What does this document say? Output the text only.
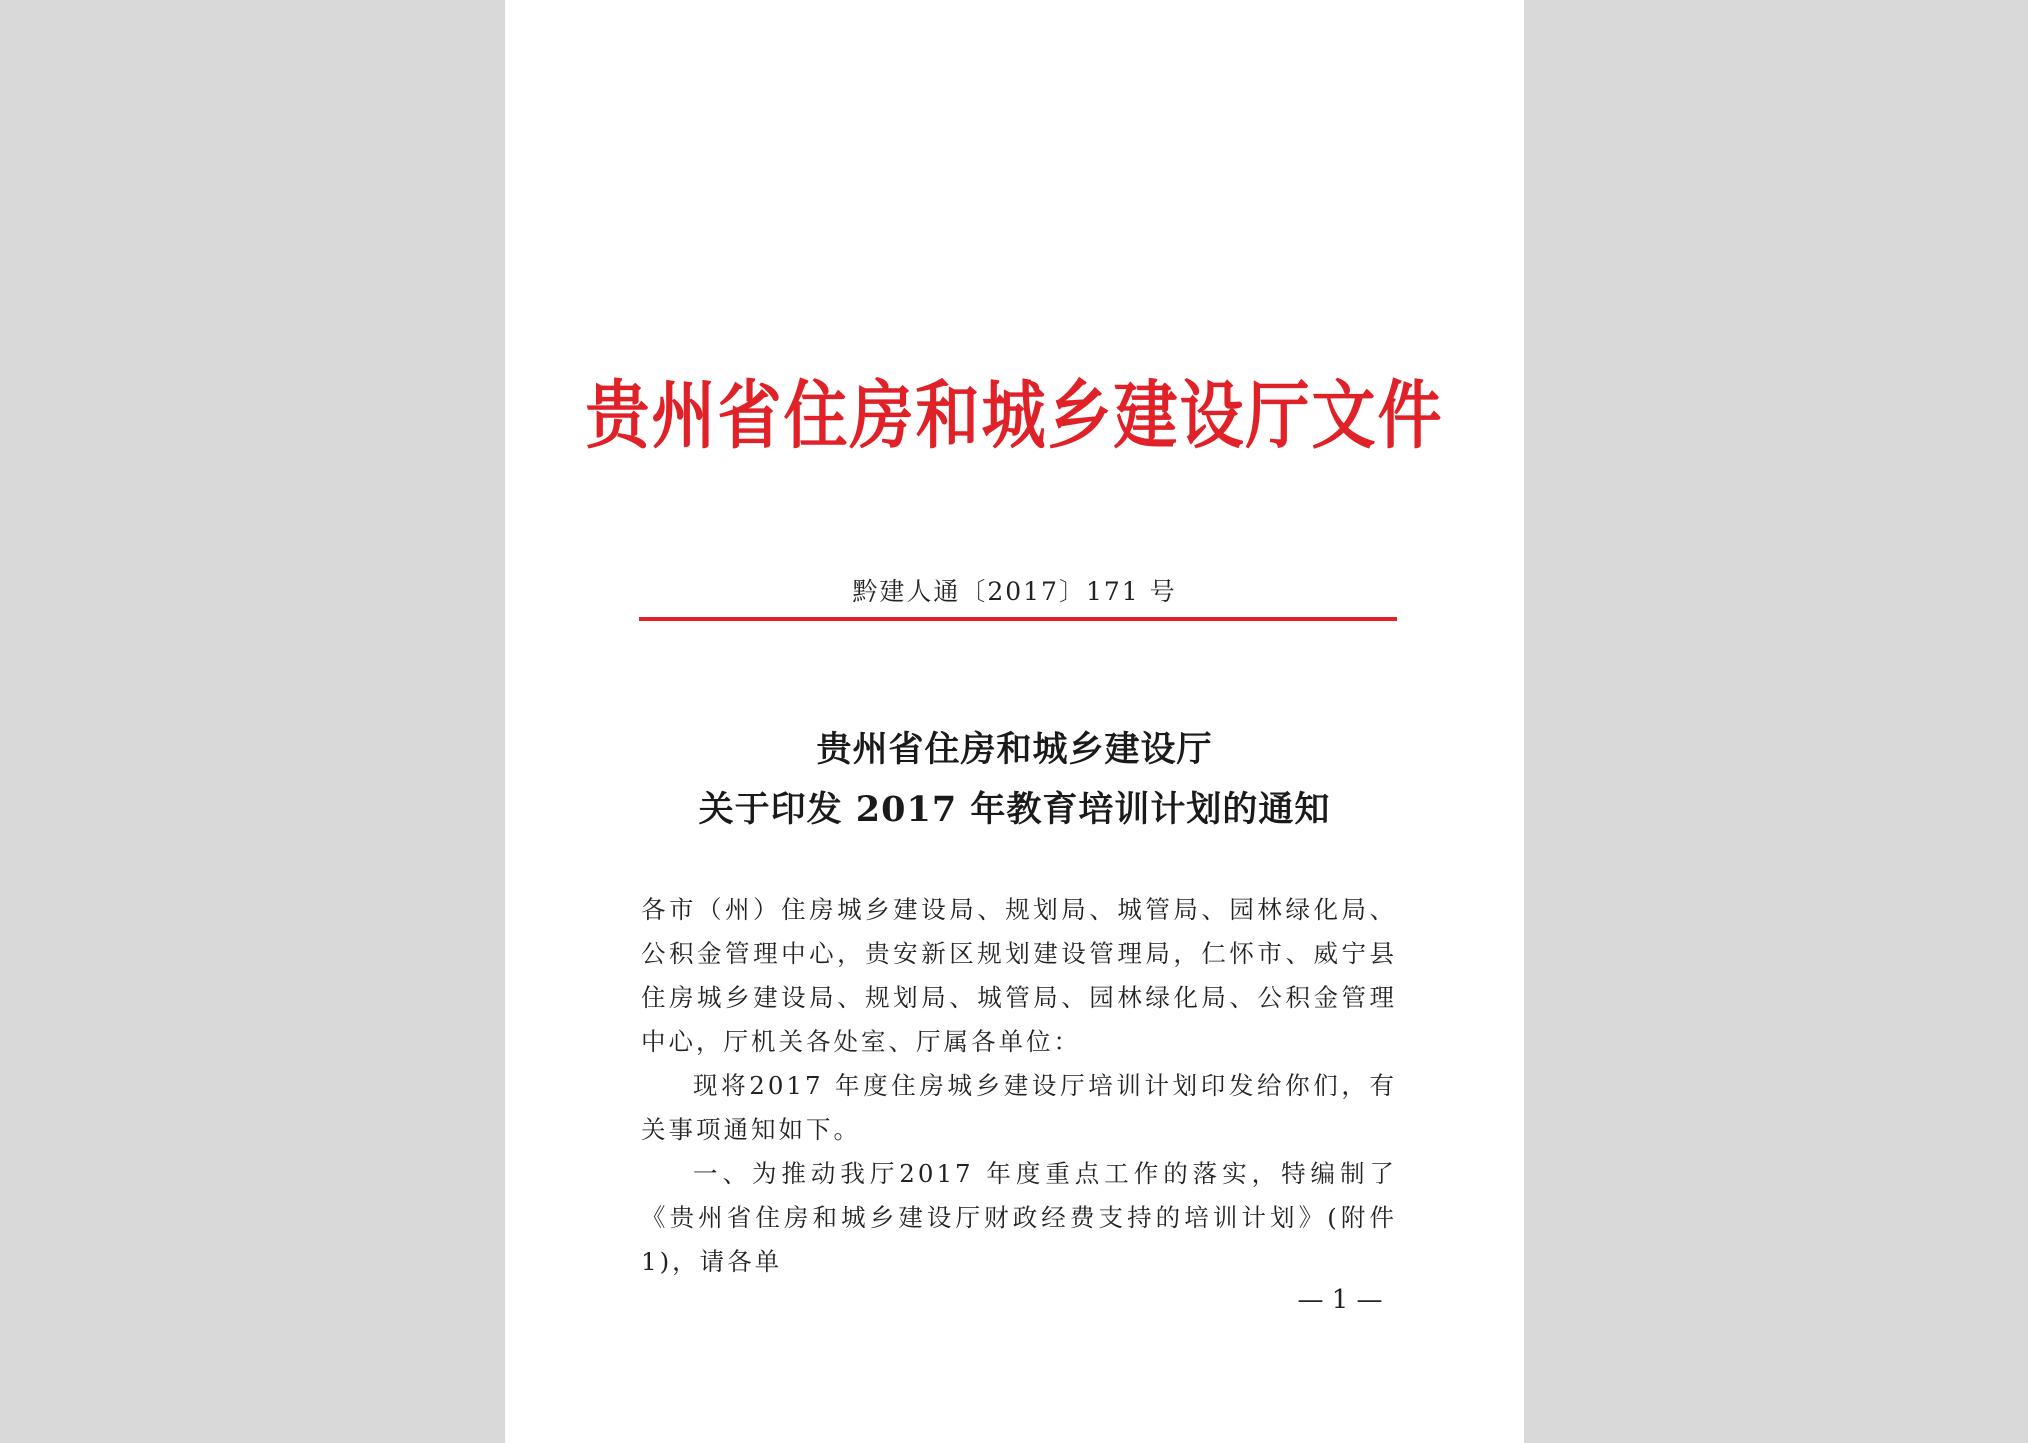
贵州省住房和城乡建设厅文件
黔建人通〔2017〕171 号
贵州省住房和城乡建设厅
关于印发 2017 年教育培训计划的通知

各市（州）住房城乡建设局、规划局、城管局、园林绿化局、公积金管理中心，贵安新区规划建设管理局，仁怀市、威宁县住房城乡建设局、规划局、城管局、园林绿化局、公积金管理中心，厅机关各处室、厅属各单位：

现将2017 年度住房城乡建设厅培训计划印发给你们，有关事项通知如下。

一、为推动我厅2017 年度重点工作的落实，特编制了《贵州省住房和城乡建设厅财政经费支持的培训计划》(附件1)，请各单

— 1 —
